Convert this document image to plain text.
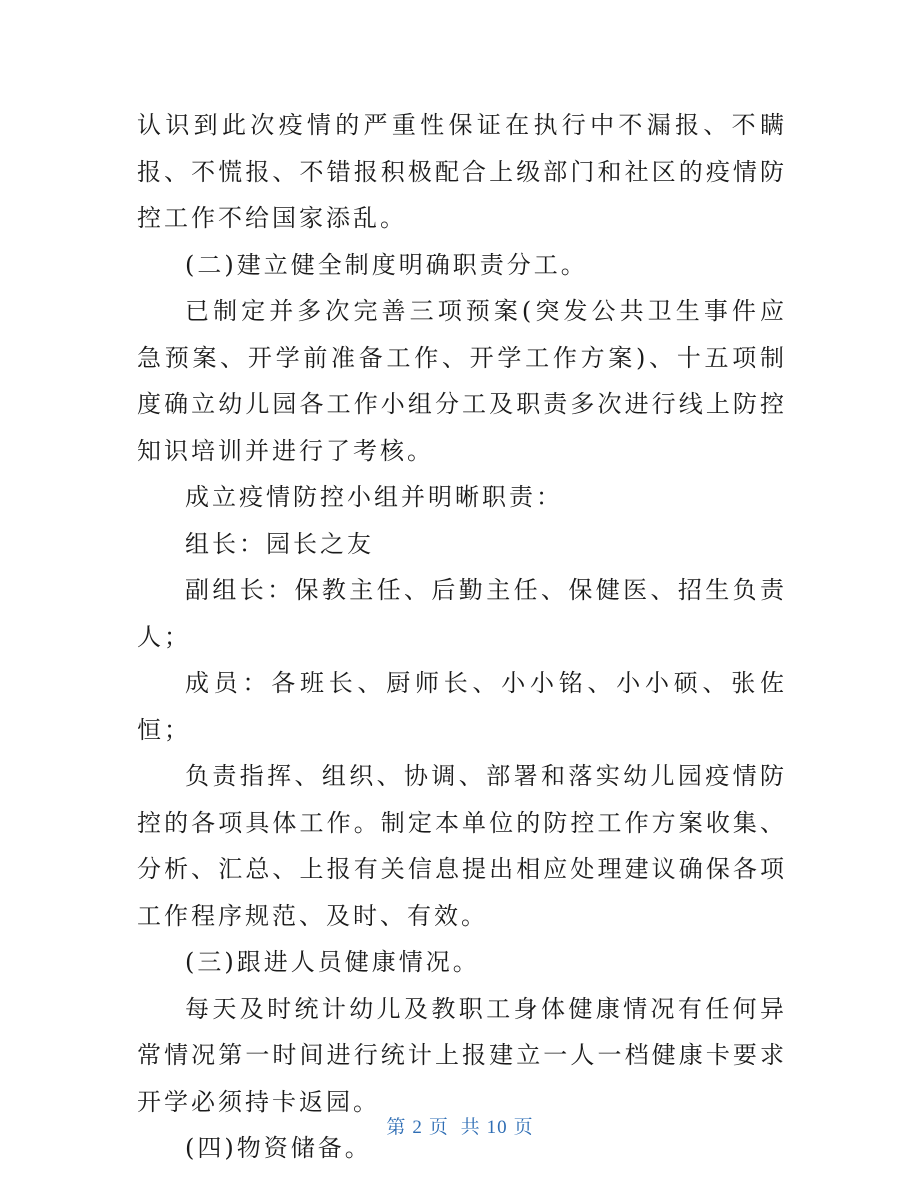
认识到此次疫情的严重性保证在执行中不漏报、不瞒报、不慌报、不错报积极配合上级部门和社区的疫情防控工作不给国家添乱。

(二)建立健全制度明确职责分工。

已制定并多次完善三项预案(突发公共卫生事件应急预案、开学前准备工作、开学工作方案)、十五项制度确立幼儿园各工作小组分工及职责多次进行线上防控知识培训并进行了考核。

成立疫情防控小组并明晰职责：

组长：园长之友

副组长：保教主任、后勤主任、保健医、招生负责人；

成员：各班长、厨师长、小小铭、小小硕、张佐恒；

负责指挥、组织、协调、部署和落实幼儿园疫情防控的各项具体工作。制定本单位的防控工作方案收集、分析、汇总、上报有关信息提出相应处理建议确保各项工作程序规范、及时、有效。

(三)跟进人员健康情况。

每天及时统计幼儿及教职工身体健康情况有任何异常情况第一时间进行统计上报建立一人一档健康卡要求开学必须持卡返园。

(四)物资储备。

第 2 页 共 10 页
